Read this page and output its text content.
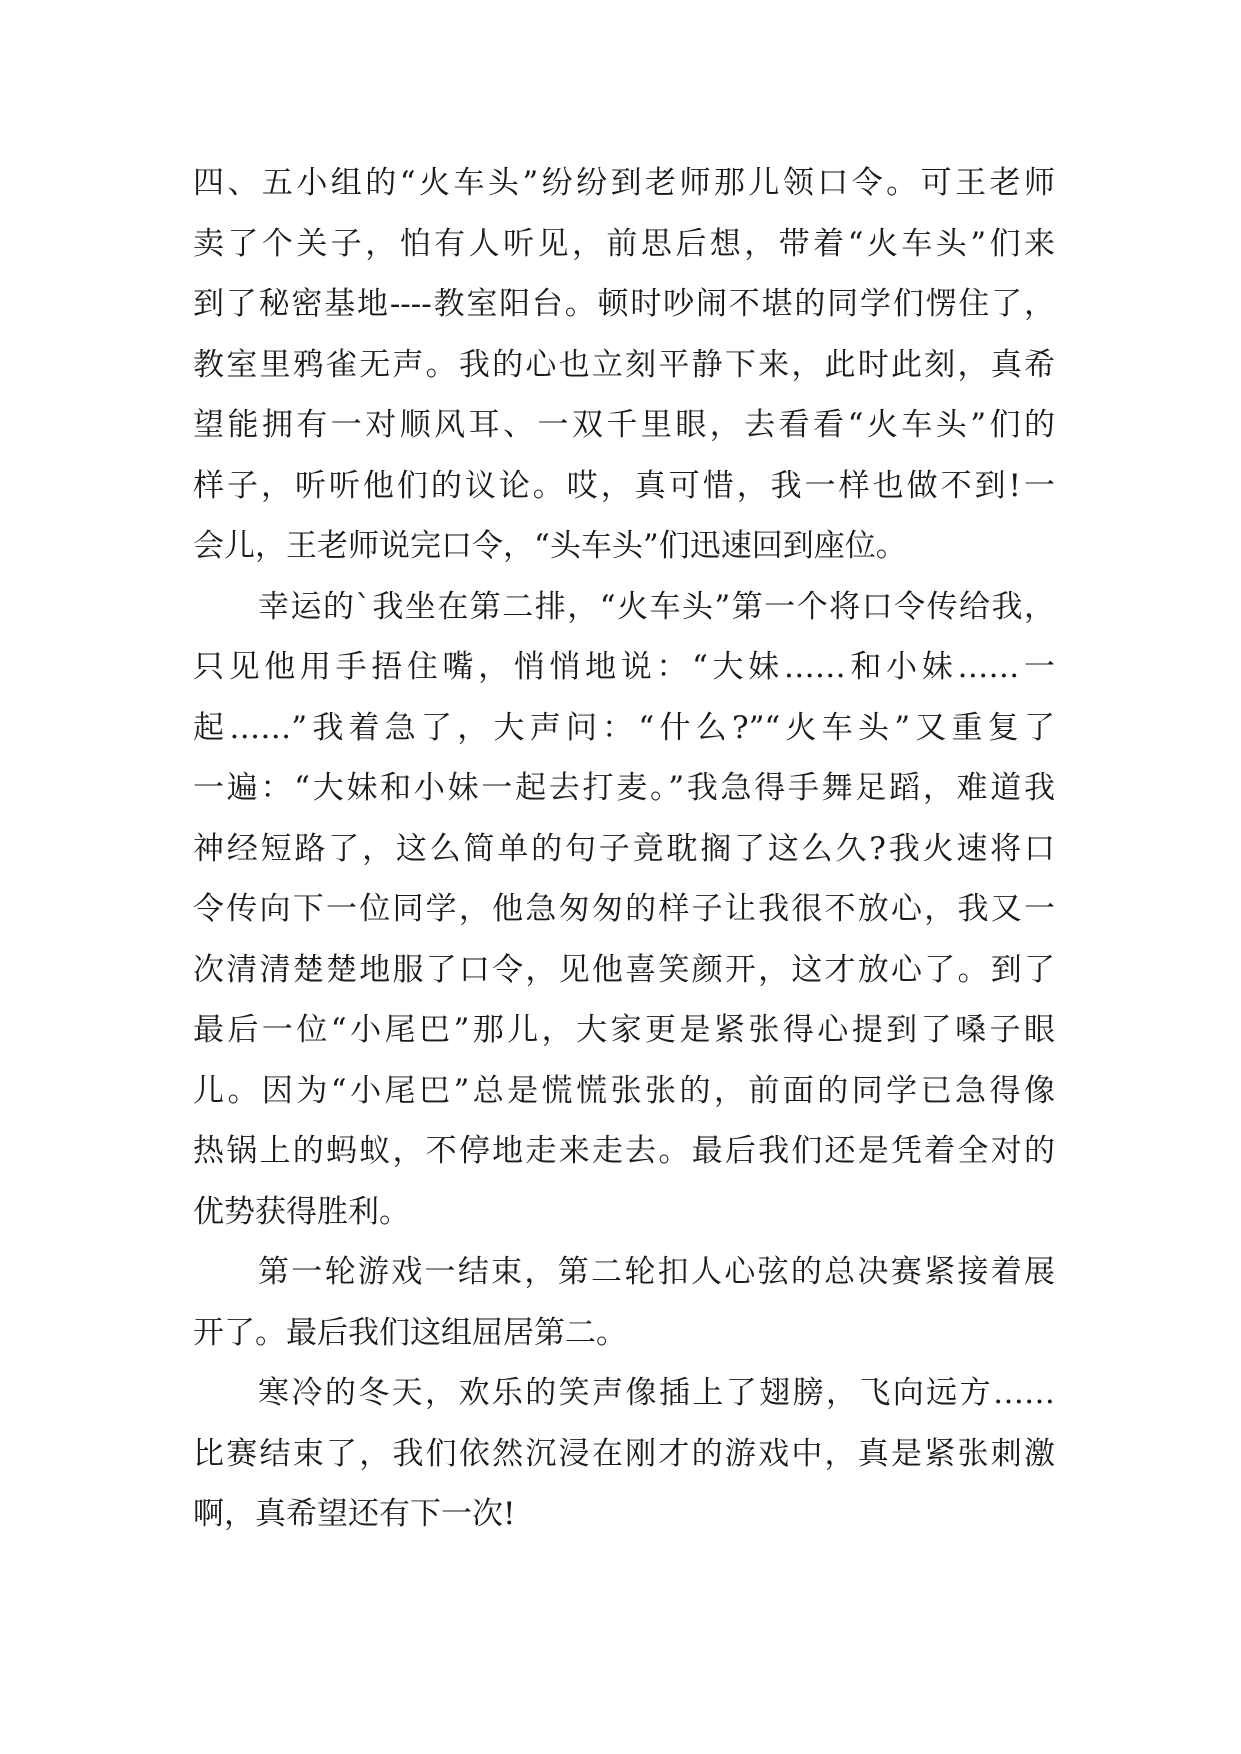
四、五小组的“火车头”纷纷到老师那儿领口令。可王老师
卖了个关子，怕有人听见，前思后想，带着“火车头”们来
到了秘密基地----教室阳台。顿时吵闹不堪的同学们愣住了，
教室里鸦雀无声。我的心也立刻平静下来，此时此刻，真希
望能拥有一对顺风耳、一双千里眼，去看看“火车头”们的
样子，听听他们的议论。哎，真可惜，我一样也做不到!一
会儿，王老师说完口令，“头车头”们迅速回到座位。
幸运的`我坐在第二排，“火车头”第一个将口令传给我，
只见他用手捂住嘴，悄悄地说：“大妹……和小妹……一
起……”我着急了，大声问：“什么?”“火车头”又重复了
一遍：“大妹和小妹一起去打麦。”我急得手舞足蹈，难道我
神经短路了，这么简单的句子竟耽搁了这么久?我火速将口
令传向下一位同学，他急匆匆的样子让我很不放心，我又一
次清清楚楚地服了口令，见他喜笑颜开，这才放心了。到了
最后一位“小尾巴”那儿，大家更是紧张得心提到了嗓子眼
儿。因为“小尾巴”总是慌慌张张的，前面的同学已急得像
热锅上的蚂蚁，不停地走来走去。最后我们还是凭着全对的
优势获得胜利。
第一轮游戏一结束，第二轮扣人心弦的总决赛紧接着展
开了。最后我们这组屈居第二。
寒冷的冬天，欢乐的笑声像插上了翅膀，飞向远方……
比赛结束了，我们依然沉浸在刚才的游戏中，真是紧张刺激
啊，真希望还有下一次!
